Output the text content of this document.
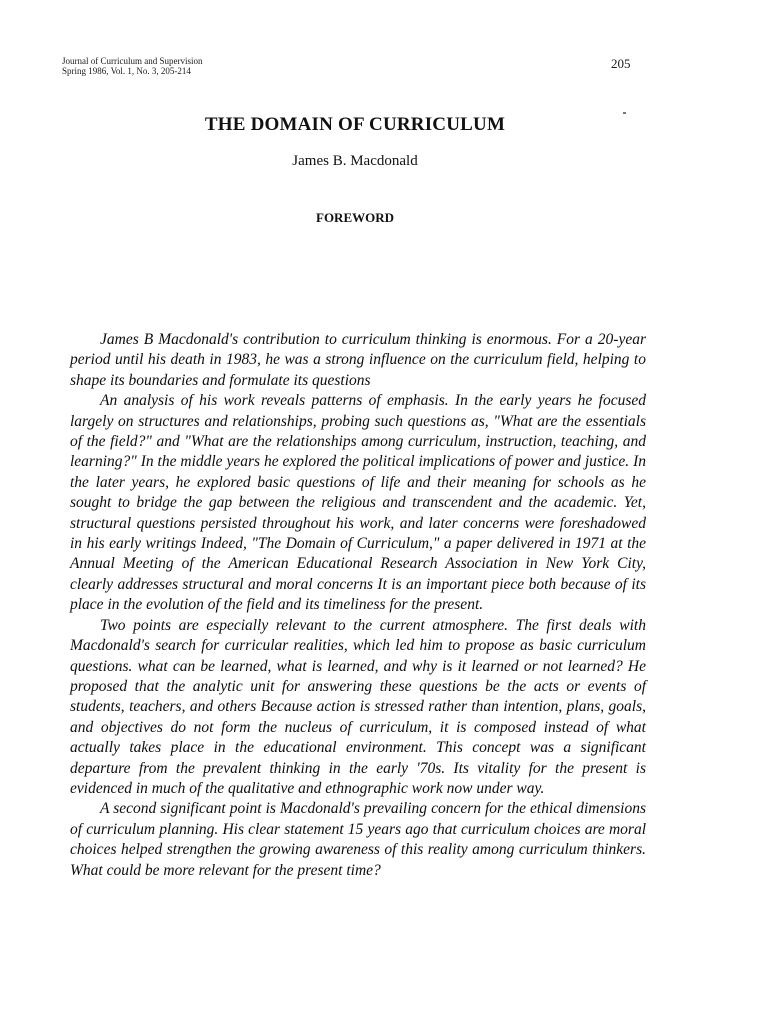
Journal of Curriculum and Supervision
Spring 1986, Vol. 1, No. 3, 205-214	205
THE DOMAIN OF CURRICULUM
James B. Macdonald
FOREWORD

James B Macdonald's contribution to curriculum thinking is enormous. For a 20-year period until his death in 1983, he was a strong influence on the curriculum field, helping to shape its boundaries and formulate its questions

An analysis of his work reveals patterns of emphasis. In the early years he focused largely on structures and relationships, probing such questions as, "What are the essentials of the field?" and "What are the relationships among curriculum, instruction, teaching, and learning?" In the middle years he explored the political implications of power and justice. In the later years, he explored basic questions of life and their meaning for schools as he sought to bridge the gap between the religious and transcendent and the academic. Yet, structural questions persisted throughout his work, and later concerns were foreshadowed in his early writings Indeed, "The Domain of Curriculum," a paper delivered in 1971 at the Annual Meeting of the American Educational Research Association in New York City, clearly addresses structural and moral concerns It is an important piece both because of its place in the evolution of the field and its timeliness for the present.

Two points are especially relevant to the current atmosphere. The first deals with Macdonald's search for curricular realities, which led him to propose as basic curriculum questions. what can be learned, what is learned, and why is it learned or not learned? He proposed that the analytic unit for answering these questions be the acts or events of students, teachers, and others Because action is stressed rather than intention, plans, goals, and objectives do not form the nucleus of curriculum, it is composed instead of what actually takes place in the educational environment. This concept was a significant departure from the prevalent thinking in the early '70s. Its vitality for the present is evidenced in much of the qualitative and ethnographic work now under way.

A second significant point is Macdonald's prevailing concern for the ethical dimensions of curriculum planning. His clear statement 15 years ago that curriculum choices are moral choices helped strengthen the growing awareness of this reality among curriculum thinkers. What could be more relevant for the present time?
